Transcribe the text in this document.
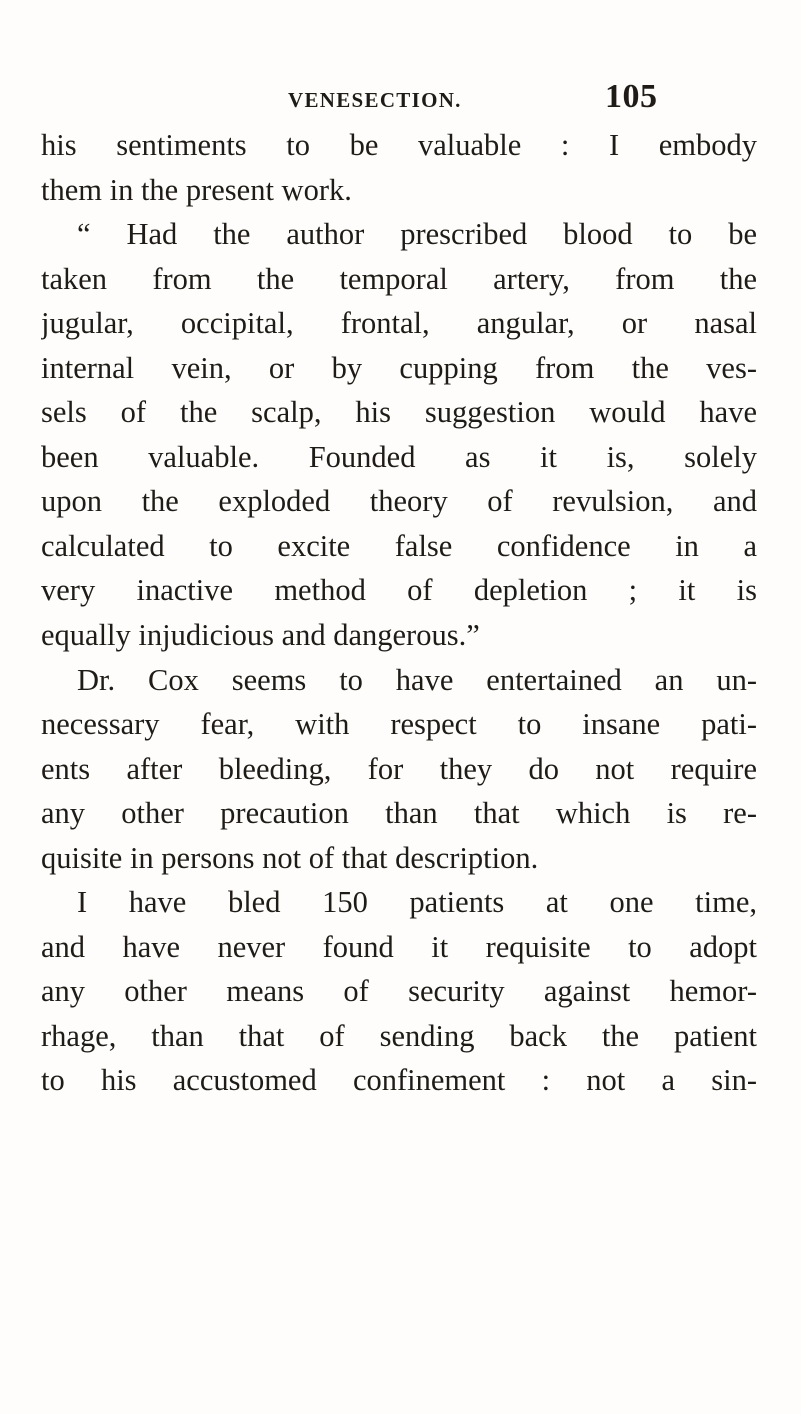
VENESECTION.	105
his sentiments to be valuable : I embody
them in the present work.
“ Had the author prescribed blood to be
taken from the temporal artery, from the
jugular, occipital, frontal, angular, or nasal
internal vein, or by cupping from the ves-
sels of the scalp, his suggestion would have
been valuable. Founded as it is, solely
upon the exploded theory of revulsion, and
calculated to excite false confidence in a
very inactive method of depletion ; it is
equally injudicious and dangerous.”
Dr. Cox seems to have entertained an un-
necessary fear, with respect to insane pati-
ents after bleeding, for they do not require
any other precaution than that which is re-
quisite in persons not of that description.
I have bled 150 patients at one time,
and have never found it requisite to adopt
any other means of security against hemor-
rhage, than that of sending back the patient
to his accustomed confinement : not a sin-
